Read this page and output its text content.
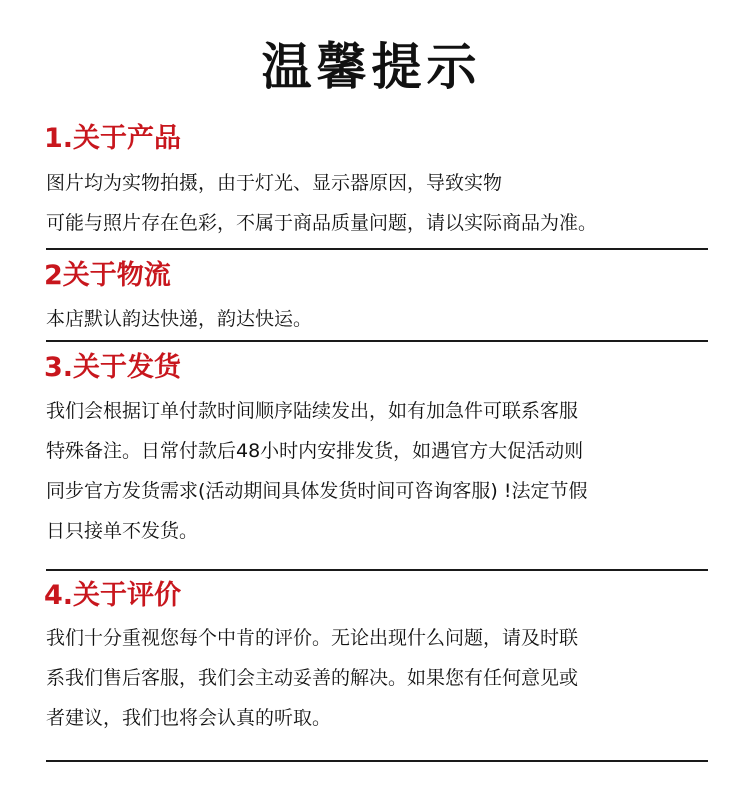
温馨提示
1.关于产品
图片均为实物拍摄，由于灯光、显示器原因，导致实物
可能与照片存在色彩，不属于商品质量问题，请以实际商品为准。
2关于物流
本店默认韵达快递，韵达快运。
3.关于发货
我们会根据订单付款时间顺序陆续发出，如有加急件可联系客服
特殊备注。日常付款后48小时内安排发货，如遇官方大促活动则
同步官方发货需求(活动期间具体发货时间可咨询客服) !法定节假
日只接单不发货。
4.关于评价
我们十分重视您每个中肯的评价。无论出现什么问题，请及时联
系我们售后客服，我们会主动妥善的解决。如果您有任何意见或
者建议，我们也将会认真的听取。
